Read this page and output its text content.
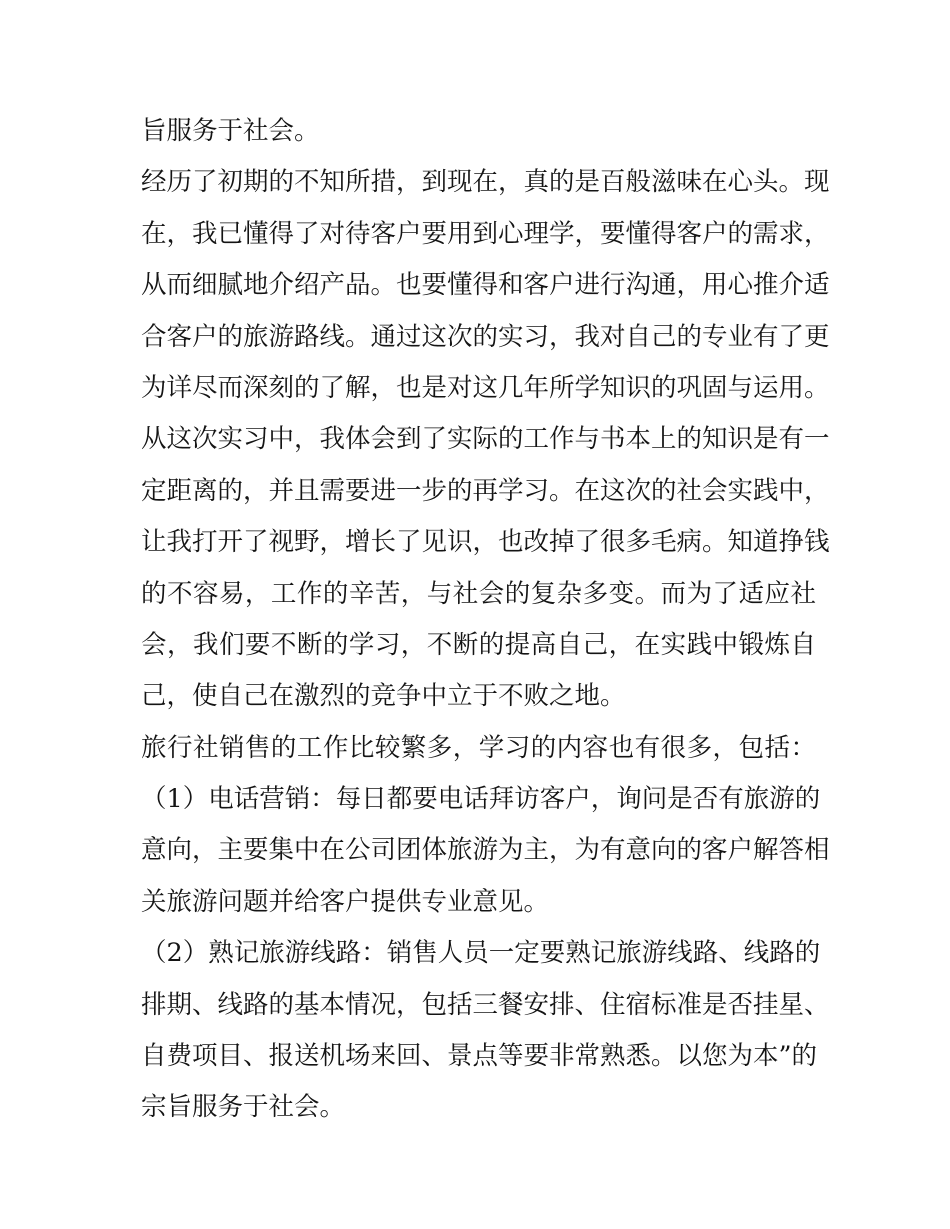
旨服务于社会。
经历了初期的不知所措，到现在，真的是百般滋味在心头。现
在，我已懂得了对待客户要用到心理学，要懂得客户的需求，
从而细腻地介绍产品。也要懂得和客户进行沟通，用心推介适
合客户的旅游路线。通过这次的实习，我对自己的专业有了更
为详尽而深刻的了解，也是对这几年所学知识的巩固与运用。
从这次实习中，我体会到了实际的工作与书本上的知识是有一
定距离的，并且需要进一步的再学习。在这次的社会实践中，
让我打开了视野，增长了见识，也改掉了很多毛病。知道挣钱
的不容易，工作的辛苦，与社会的复杂多变。而为了适应社
会，我们要不断的学习，不断的提高自己，在实践中锻炼自
己，使自己在激烈的竞争中立于不败之地。
旅行社销售的工作比较繁多，学习的内容也有很多，包括：
（1）电话营销：每日都要电话拜访客户，询问是否有旅游的
意向，主要集中在公司团体旅游为主，为有意向的客户解答相
关旅游问题并给客户提供专业意见。
（2）熟记旅游线路：销售人员一定要熟记旅游线路、线路的
排期、线路的基本情况，包括三餐安排、住宿标准是否挂星、
自费项目、报送机场来回、景点等要非常熟悉。以您为本”的
宗旨服务于社会。
